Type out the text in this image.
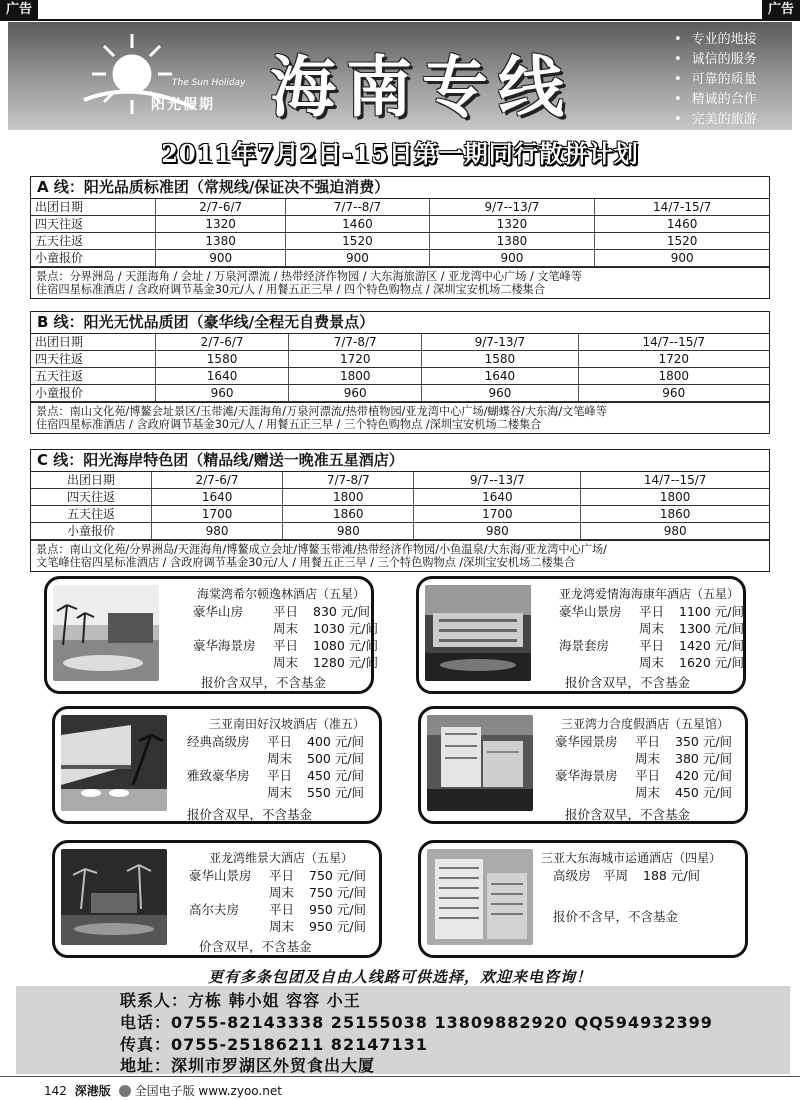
广告	广告
The Sun Holiday
阳光假期 海南专线
• 专业的地接
• 诚信的服务
• 可靠的质量
• 精诚的合作
• 完美的旅游
2011年7月2日-15日第一期同行散拼计划
A 线：阳光品质标准团（常规线/保证决不强迫消费）
出团日期	2/7-6/7	7/7--8/7	9/7--13/7	14/7-15/7
四天往返	1320	1460	1320	1460
五天往返	1380	1520	1380	1520
小童报价	900	900	900	900
景点：分界洲岛 / 天涯海角 / 会址 / 万泉河漂流 / 热带经济作物园 / 大东海旅游区 / 亚龙湾中心广场 / 文笔峰等
住宿四星标准酒店 / 含政府调节基金30元/人 / 用餐五正三早 / 四个特色购物点 / 深圳宝安机场二楼集合
B 线：阳光无忧品质团（豪华线/全程无自费景点）
出团日期	2/7-6/7	7/7-8/7	9/7-13/7	14/7--15/7
四天往返	1580	1720	1580	1720
五天往返	1640	1800	1640	1800
小童报价	960	960	960	960
景点：南山文化苑/博鳌会址景区/玉带滩/天涯海角/万泉河漂流/热带植物园/亚龙湾中心广场/蝴蝶谷/大东海/文笔峰等
住宿四星标准酒店 / 含政府调节基金30元/人 / 用餐五正三早 / 三个特色购物点 /深圳宝安机场二楼集合
C 线：阳光海岸特色团（精品线/赠送一晚准五星酒店）
出团日期	2/7-6/7	7/7-8/7	9/7--13/7	14/7--15/7
四天往返	1640	1800	1640	1800
五天往返	1700	1860	1700	1860
小童报价	980	980	980	980
景点：南山文化苑/分界洲岛/天涯海角/博鳌成立会址/博鳌玉带滩/热带经济作物园/小鱼温泉/大东海/亚龙湾中心广场/
文笔峰住宿四星标准酒店 / 含政府调节基金30元/人 / 用餐五正三早 / 三个特色购物点 /深圳宝安机场二楼集合
海棠湾希尔顿逸林酒店（五星）
豪华山房	平日	830 元/间
周末	1030 元/间
豪华海景房	平日	1080 元/间
周末	1280 元/间
报价含双早，不含基金
亚龙湾爱情海海康年酒店（五星）
豪华山景房	平日	1100 元/间
周末	1300 元/间
海景套房	平日	1420 元/间
周末	1620 元/间
报价含双早，不含基金
三亚南田好汉坡酒店（准五）
经典高级房	平日	400 元/间
周末	500 元/间
雅致豪华房	平日	450 元/间
周末	550 元/间
报价含双早，不含基金
三亚湾力合度假酒店（五星馆）
豪华园景房	平日	350 元/间
周末	380 元/间
豪华海景房	平日	420 元/间
周末	450 元/间
报价含双早，不含基金
亚龙湾维景大酒店（五星）
豪华山景房	平日	750 元/间
周末	750 元/间
高尔夫房	平日	950 元/间
周末	950 元/间
价含双早，不含基金
三亚大东海城市运通酒店（四星）
高级房 平周	188 元/间
报价不含早，不含基金
更有多条包团及自由人线路可供选择，欢迎来电咨询！
联系人：方栋 韩小姐 容容 小王
电话：0755-82143338 25155038 13809882920 QQ594932399
传真：0755-25186211 82147131
地址：深圳市罗湖区外贸食出大厦
142 深港版 全国电子版 www.zyoo.net
